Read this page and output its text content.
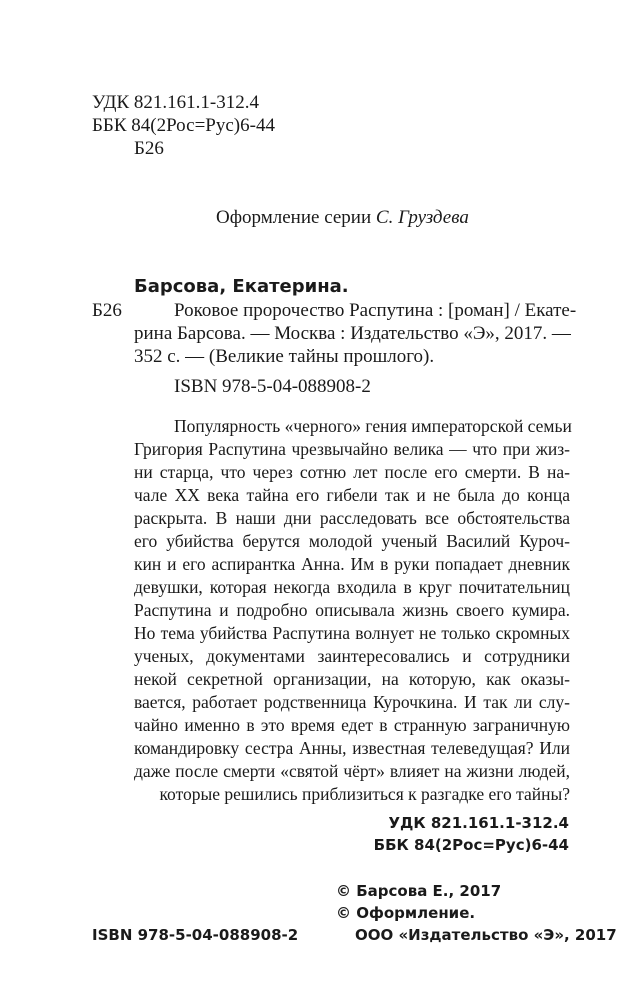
УДК 821.161.1-312.4
ББК 84(2Рос=Рус)6-44
Б26
Оформление серии С. Груздева
Барсова, Екатерина.
Б26	Роковое пророчество Распутина : [роман] / Екате-
рина Барсова. — Москва : Издательство «Э», 2017. —
352 с. — (Великие тайны прошлого).
ISBN 978-5-04-088908-2
Популярность «черного» гения императорской семьи
Григория Распутина чрезвычайно велика — что при жиз-
ни старца, что через сотню лет после его смерти. В на-
чале XX века тайна его гибели так и не была до конца
раскрыта. В наши дни расследовать все обстоятельства
его убийства берутся молодой ученый Василий Куроч-
кин и его аспирантка Анна. Им в руки попадает дневник
девушки, которая некогда входила в круг почитательниц
Распутина и подробно описывала жизнь своего кумира.
Но тема убийства Распутина волнует не только скромных
ученых, документами заинтересовались и сотрудники
некой секретной организации, на которую, как оказы-
вается, работает родственница Курочкина. И так ли слу-
чайно именно в это время едет в странную заграничную
командировку сестра Анны, известная телеведущая? Или
даже после смерти «святой чёрт» влияет на жизни людей,
которые решились приблизиться к разгадке его тайны?
УДК 821.161.1-312.4
ББК 84(2Рос=Рус)6-44
© Барсова Е., 2017
© Оформление.
ООО «Издательство «Э», 2017
ISBN 978-5-04-088908-2
